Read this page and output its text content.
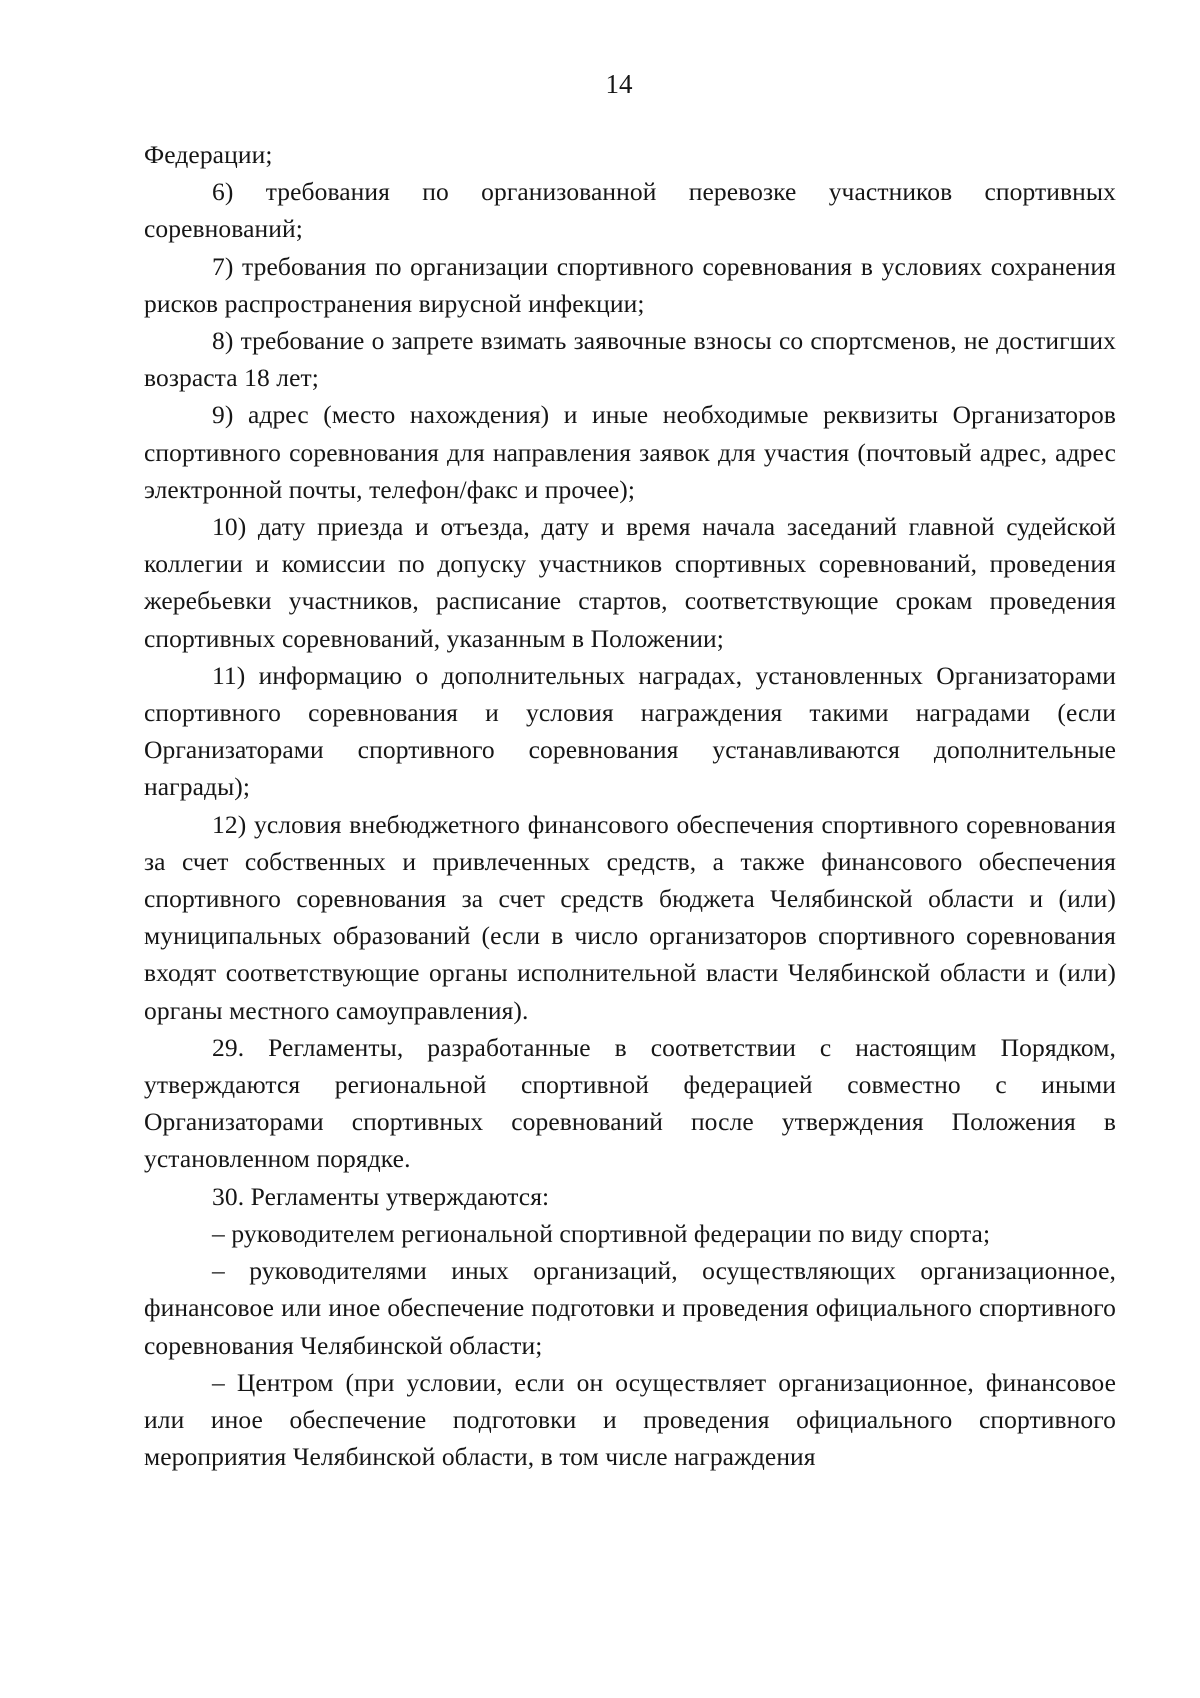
14

Федерации;

6) требования по организованной перевозке участников спортивных соревнований;

7) требования по организации спортивного соревнования в условиях сохранения рисков распространения вирусной инфекции;

8) требование о запрете взимать заявочные взносы со спортсменов, не достигших возраста 18 лет;

9) адрес (место нахождения) и иные необходимые реквизиты Организаторов спортивного соревнования для направления заявок для участия (почтовый адрес, адрес электронной почты, телефон/факс и прочее);

10) дату приезда и отъезда, дату и время начала заседаний главной судейской коллегии и комиссии по допуску участников спортивных соревнований, проведения жеребьевки участников, расписание стартов, соответствующие срокам проведения спортивных соревнований, указанным в Положении;

11) информацию о дополнительных наградах, установленных Организаторами спортивного соревнования и условия награждения такими наградами (если Организаторами спортивного соревнования устанавливаются дополнительные награды);

12) условия внебюджетного финансового обеспечения спортивного соревнования за счет собственных и привлеченных средств, а также финансового обеспечения спортивного соревнования за счет средств бюджета Челябинской области и (или) муниципальных образований (если в число организаторов спортивного соревнования входят соответствующие органы исполнительной власти Челябинской области и (или) органы местного самоуправления).

29. Регламенты, разработанные в соответствии с настоящим Порядком, утверждаются региональной спортивной федерацией совместно с иными Организаторами спортивных соревнований после утверждения Положения в установленном порядке.

30. Регламенты утверждаются:

– руководителем региональной спортивной федерации по виду спорта;

– руководителями иных организаций, осуществляющих организационное, финансовое или иное обеспечение подготовки и проведения официального спортивного соревнования Челябинской области;

– Центром (при условии, если он осуществляет организационное, финансовое или иное обеспечение подготовки и проведения официального спортивного мероприятия Челябинской области, в том числе награждения
